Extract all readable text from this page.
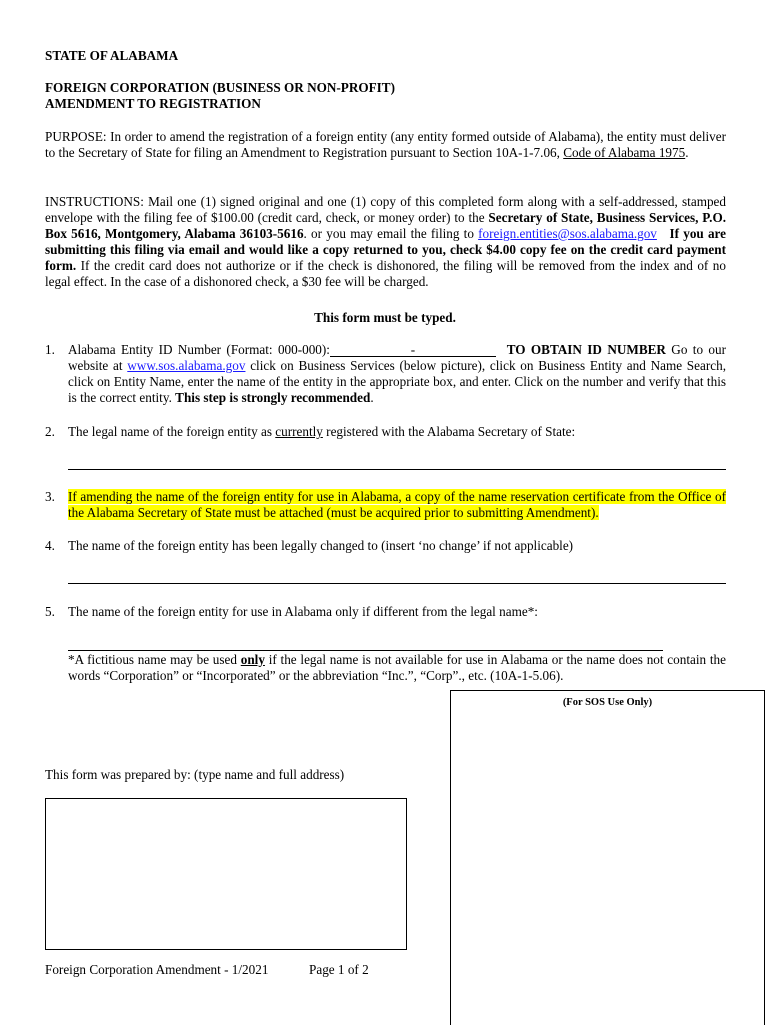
STATE OF ALABAMA
FOREIGN CORPORATION (BUSINESS OR NON-PROFIT)
AMENDMENT TO REGISTRATION

PURPOSE: In order to amend the registration of a foreign entity (any entity formed outside of Alabama), the entity must deliver to the Secretary of State for filing an Amendment to Registration pursuant to Section 10A-1-7.06, Code of Alabama 1975.

INSTRUCTIONS: Mail one (1) signed original and one (1) copy of this completed form along with a self-addressed, stamped envelope with the filing fee of $100.00 (credit card, check, or money order) to the Secretary of State, Business Services, P.O. Box 5616, Montgomery, Alabama 36103-5616. or you may email the filing to foreign.entities@sos.alabama.gov If you are submitting this filing via email and would like a copy returned to you, check $4.00 copy fee on the credit card payment form. If the credit card does not authorize or if the check is dishonored, the filing will be removed from the index and of no legal effect. In the case of a dishonored check, a $30 fee will be charged.

This form must be typed.
1. Alabama Entity ID Number (Format: 000-000):	-	TO OBTAIN ID NUMBER Go to our website at www.sos.alabama.gov click on Business Services (below picture), click on Business Entity and Name Search, click on Entity Name, enter the name of the entity in the appropriate box, and enter. Click on the number and verify that this is the correct entity. This step is strongly recommended.

2. The legal name of the foreign entity as currently registered with the Alabama Secretary of State:

3. If amending the name of the foreign entity for use in Alabama, a copy of the name reservation certificate from the Office of the Alabama Secretary of State must be attached (must be acquired prior to submitting Amendment).

4. The name of the foreign entity has been legally changed to (insert ‘no change’ if not applicable)

5. The name of the foreign entity for use in Alabama only if different from the legal name*:

*A fictitious name may be used only if the legal name is not available for use in Alabama or the name does not contain the words “Corporation” or “Incorporated” or the abbreviation “Inc.”, “Corp”., etc. (10A-1-5.06).

(For SOS Use Only)
This form was prepared by: (type name and full address)
Foreign Corporation Amendment - 1/2021	Page 1 of 2
